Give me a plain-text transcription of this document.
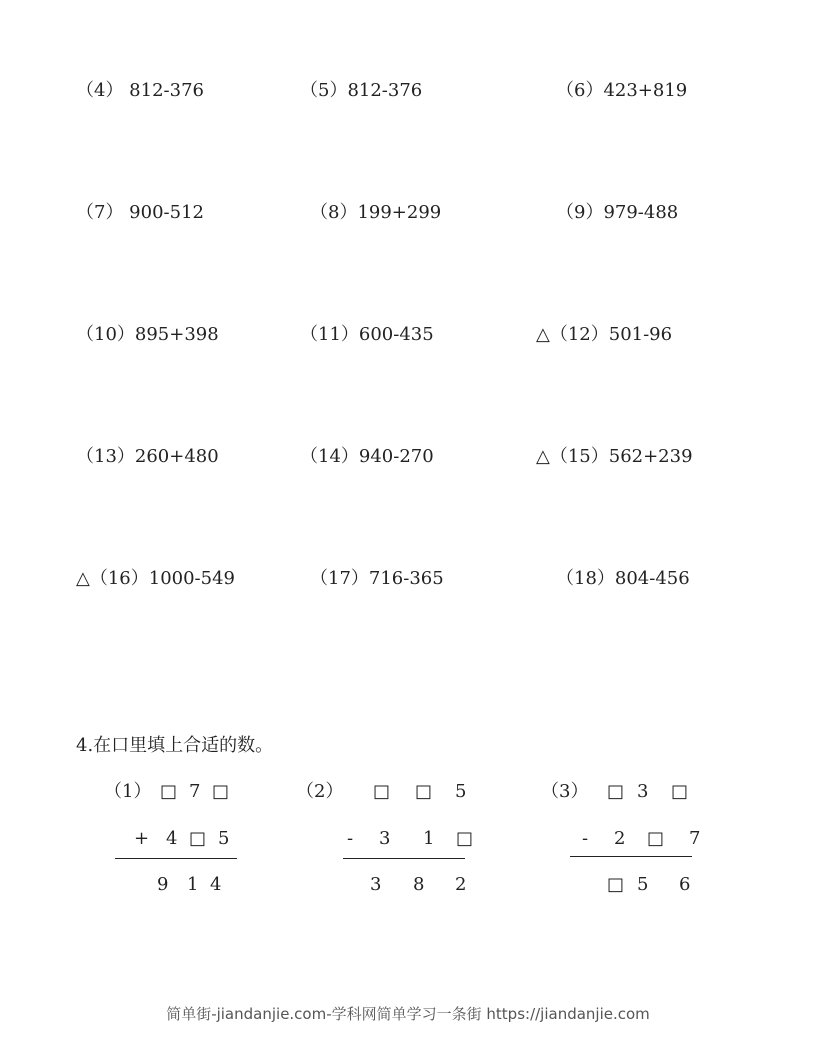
（4） 812-376	（5）812-376	（6）423+819
（7） 900-512	（8）199+299	（9）979-488
（10）895+398	（11）600-435	△（12）501-96
（13）260+480	（14）940-270	△（15）562+239
△（16）1000-549	（17）716-365	（18）804-456
4.在口里填上合适的数。
（1） □ 7 □
+ 4 □ 5
9 1 4
（2） □ □ 5
- 3 1 □
3 8 2
（3） □ 3 □
- 2 □ 7
□ 5 6
简单街-jiandanjie.com-学科网简单学习一条街 https://jiandanjie.com
